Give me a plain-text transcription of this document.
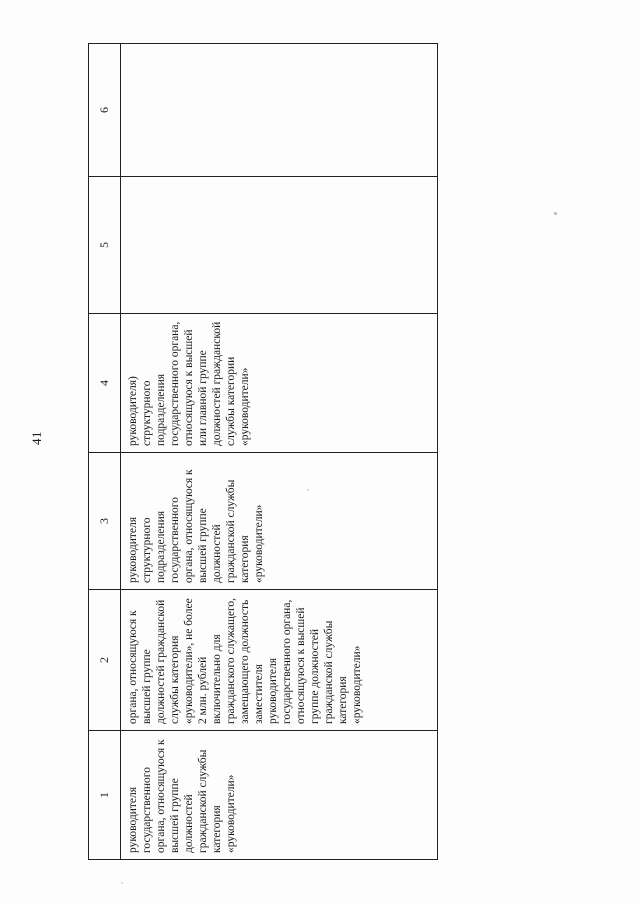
41
1	2	3	4	5	6
руководителя государственного органа, относящуюся к высшей группе должностей гражданской службы категория «руководители»	органа, относящуюся к высшей группе должностей гражданской службы категория «руководители», не более 2 млн. рублей включительно для гражданского служащего, замещающего должность заместителя руководителя государственного органа, относящуюся к высшей группе должностей гражданской службы категория «руководители»	руководителя структурного подразделения государственного органа, относящуюся к высшей группе должностей гражданской службы категория «руководители»	руководителя) структурного подразделения государственного органа, относящуюся к высшей или главной группе должностей гражданской службы категории «руководители»		
